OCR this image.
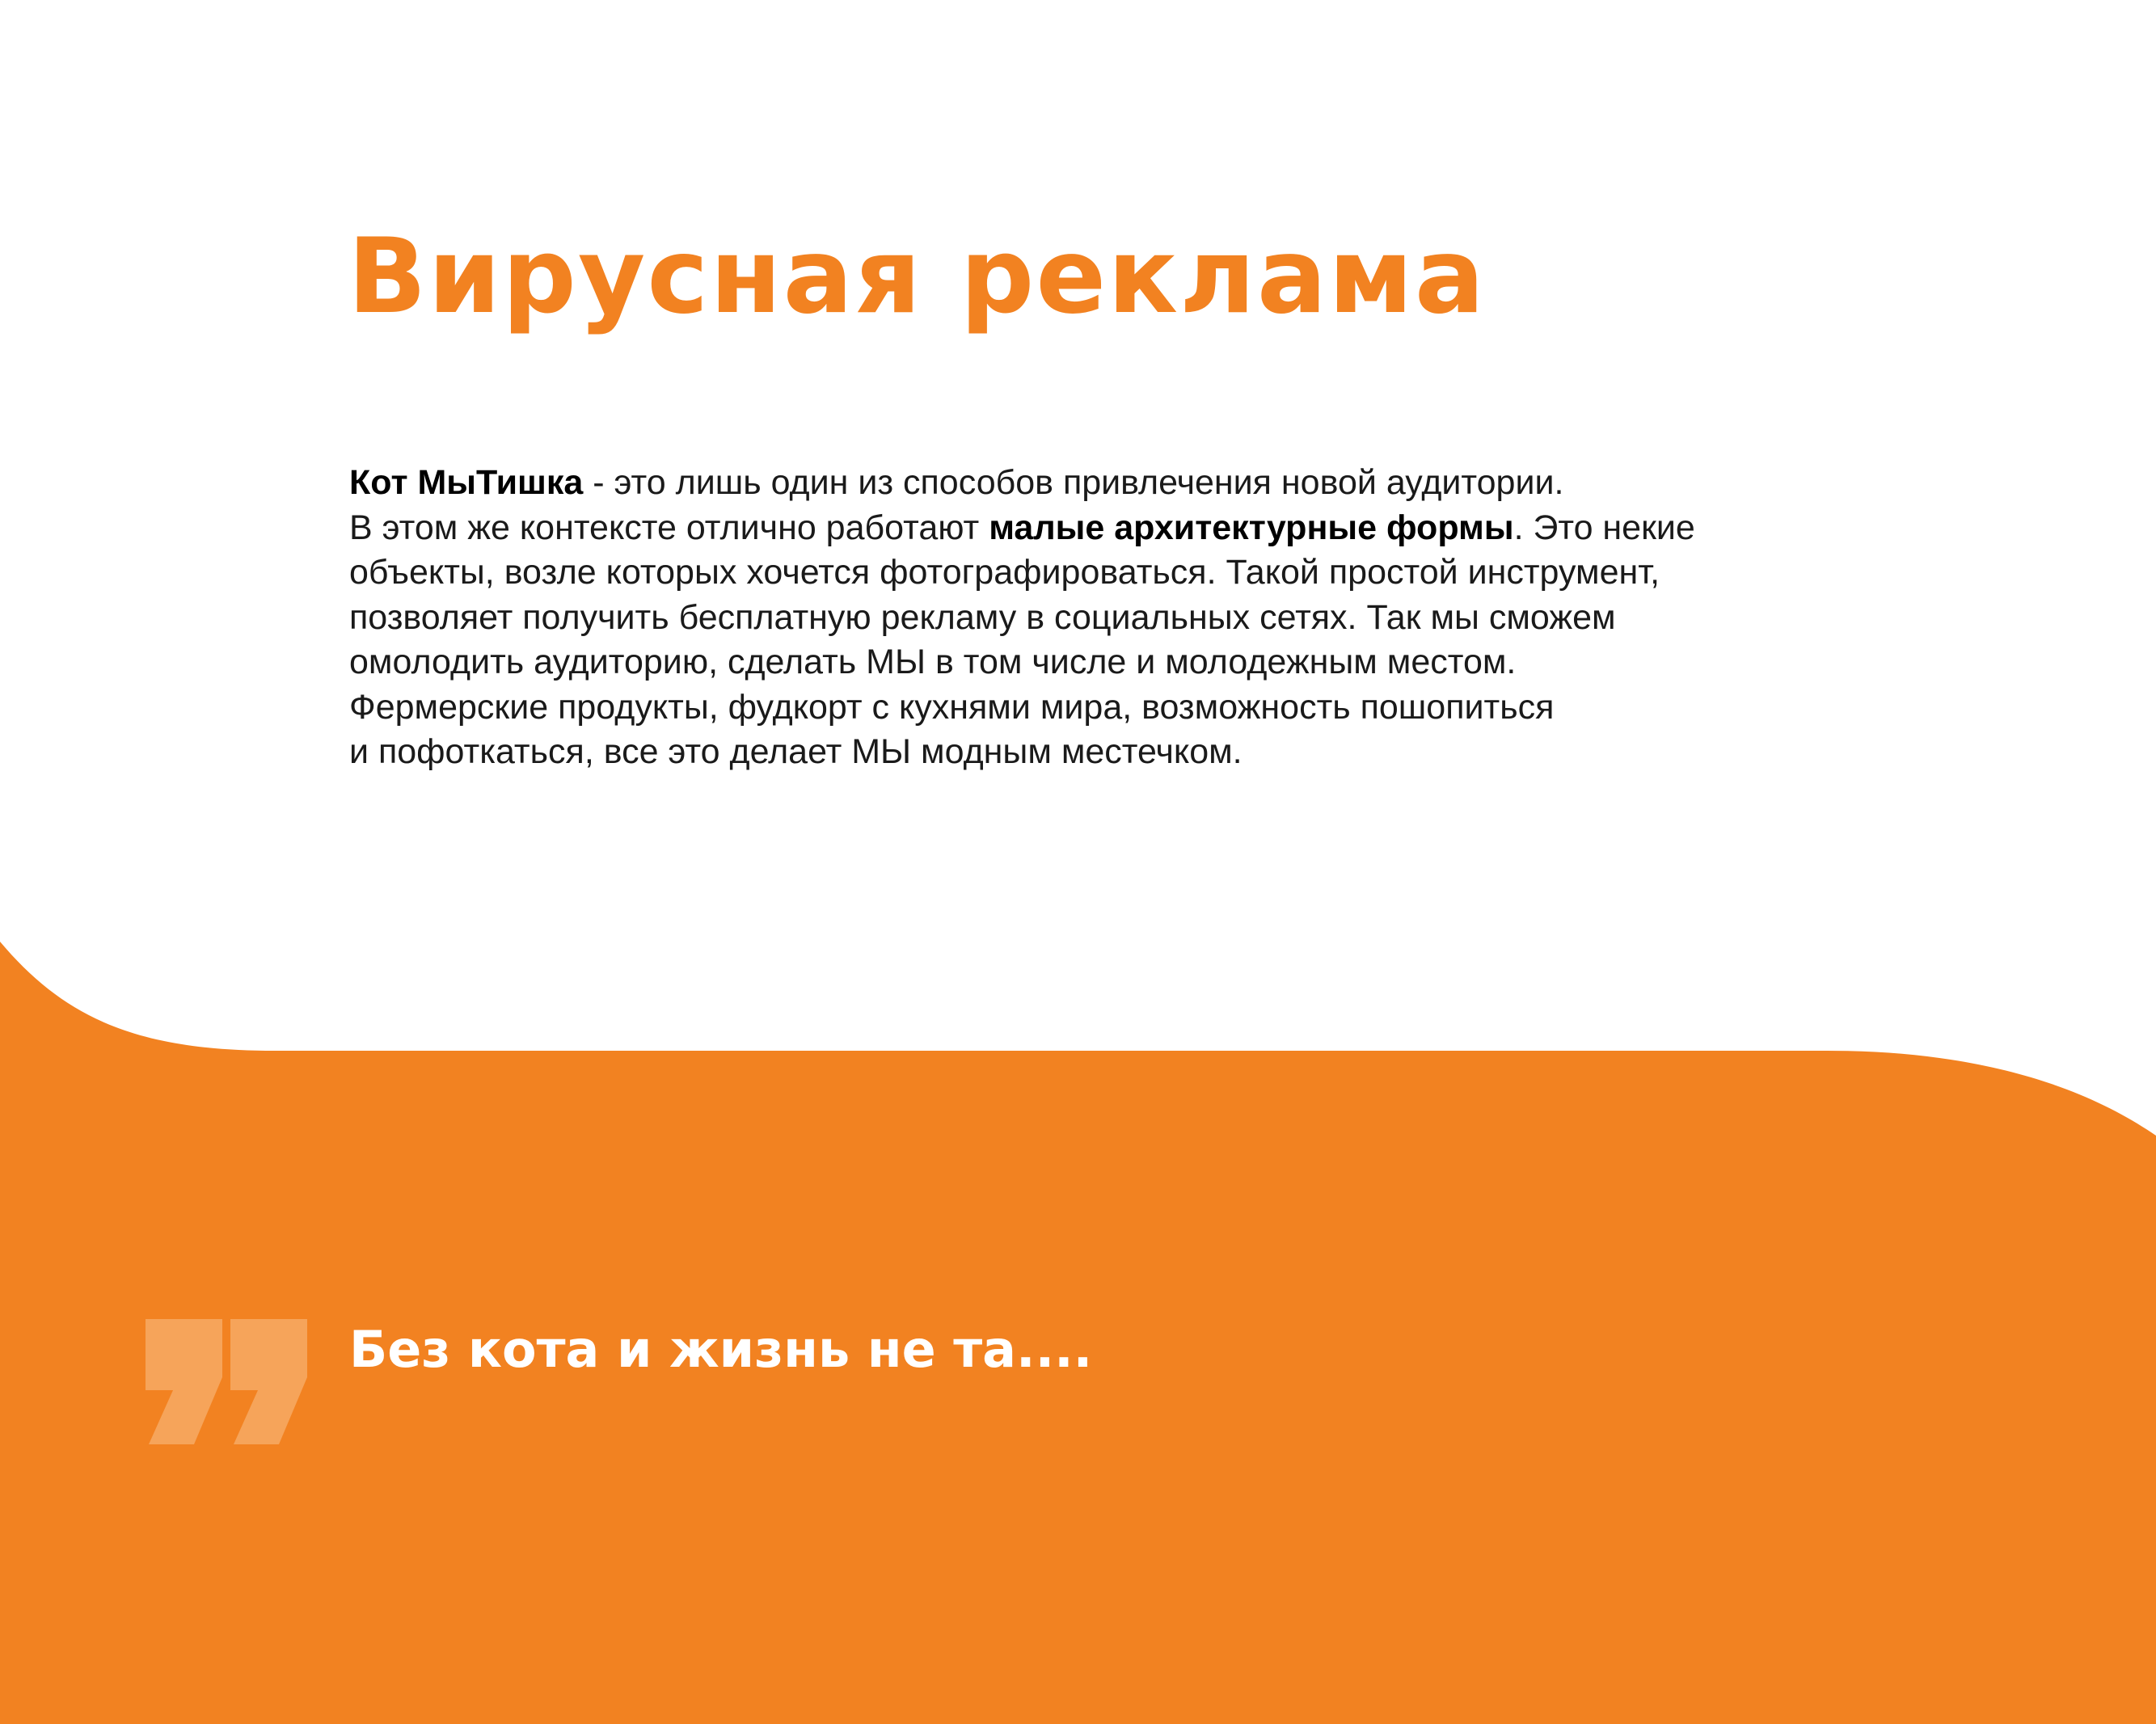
Вирусная реклама
Кот МыТишка - это лишь один из способов привлечения новой аудитории.
В этом же контексте отлично работают малые архитектурные формы. Это некие
объекты, возле которых хочется фотографироваться. Такой простой инструмент,
позволяет получить бесплатную рекламу в социальных сетях. Так мы сможем
омолодить аудиторию, сделать МЫ в том числе и молодежным местом.
Фермерские продукты, фудкорт с кухнями мира, возможность пошопиться
и пофоткаться, все это делает МЫ модным местечком.

Без кота и жизнь не та....
